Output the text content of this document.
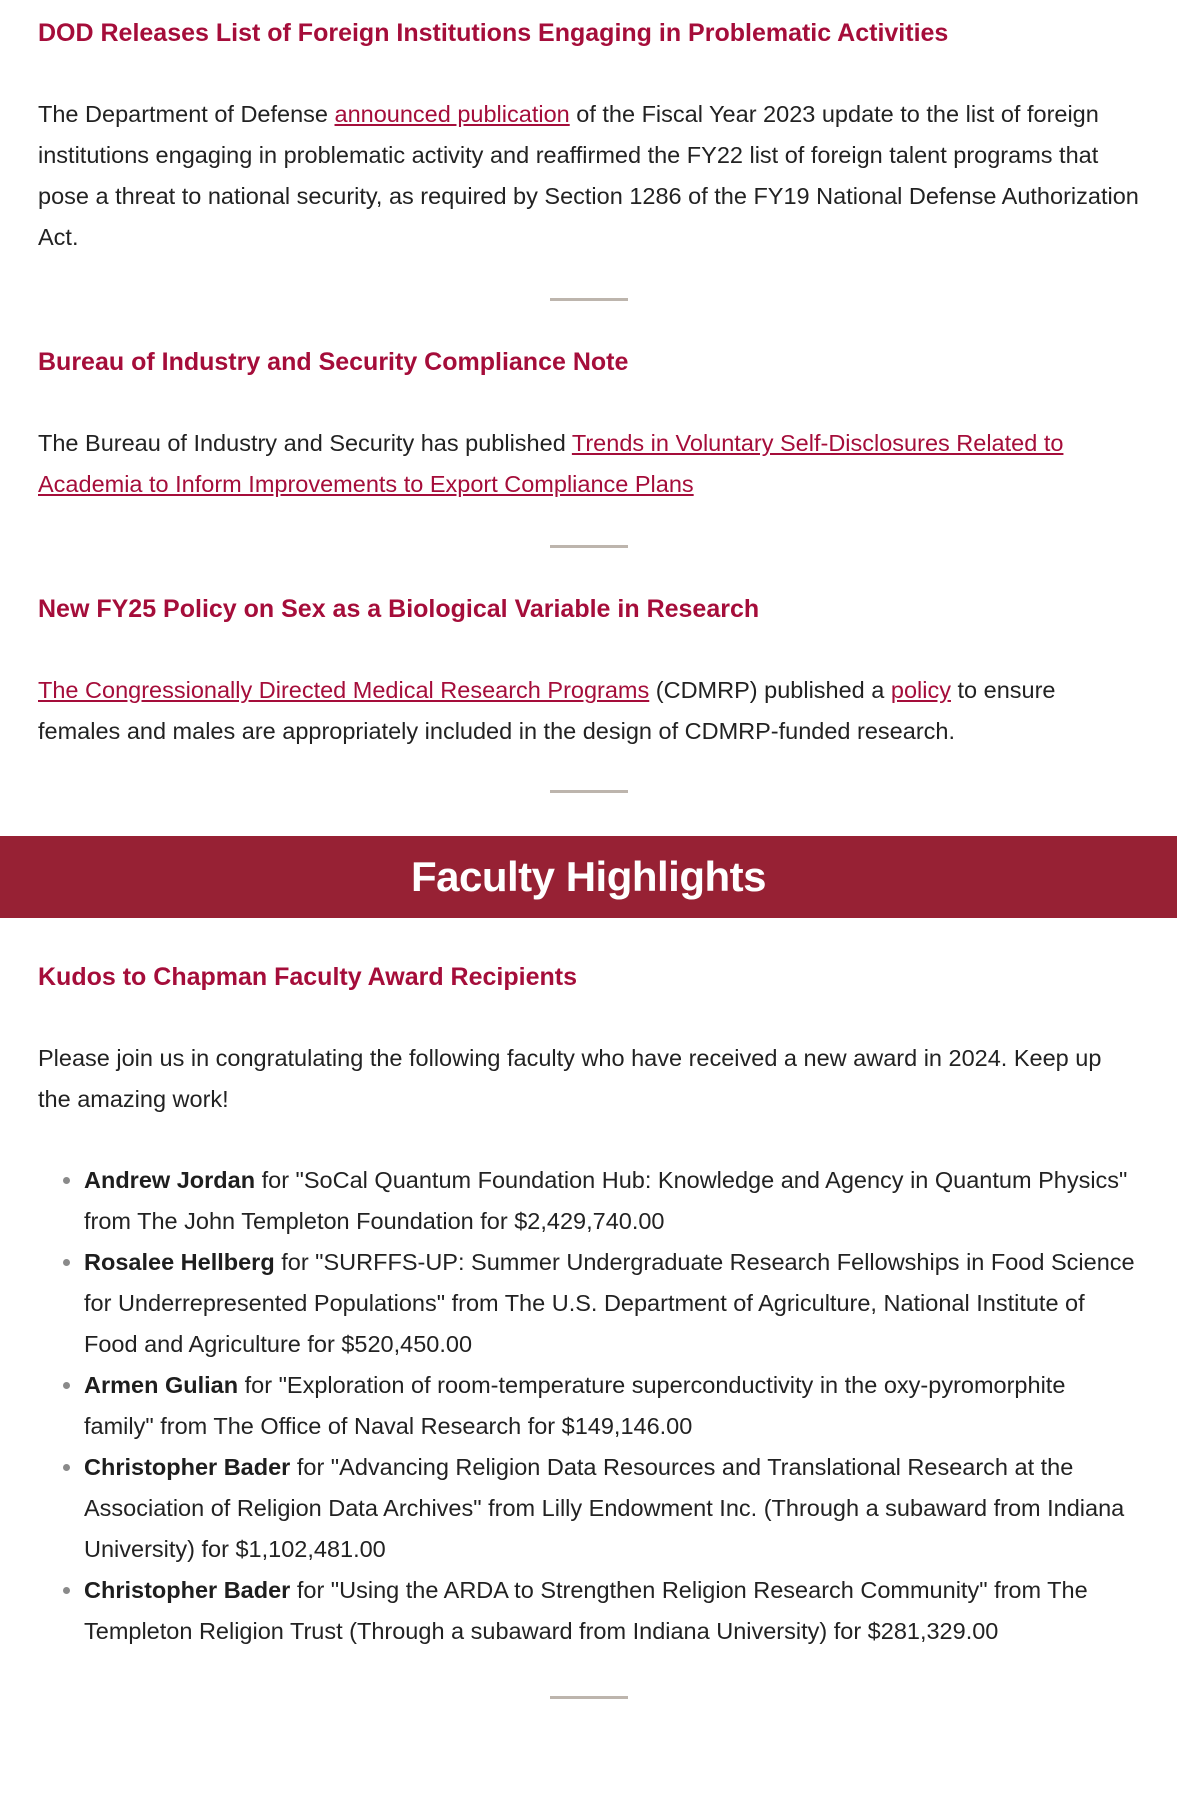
DOD Releases List of Foreign Institutions Engaging in Problematic Activities

The Department of Defense announced publication of the Fiscal Year 2023 update to the list of foreign institutions engaging in problematic activity and reaffirmed the FY22 list of foreign talent programs that pose a threat to national security, as required by Section 1286 of the FY19 National Defense Authorization Act.

Bureau of Industry and Security Compliance Note

The Bureau of Industry and Security has published Trends in Voluntary Self-Disclosures Related to Academia to Inform Improvements to Export Compliance Plans

New FY25 Policy on Sex as a Biological Variable in Research

The Congressionally Directed Medical Research Programs (CDMRP) published a policy to ensure females and males are appropriately included in the design of CDMRP-funded research.

Faculty Highlights
Kudos to Chapman Faculty Award Recipients

Please join us in congratulating the following faculty who have received a new award in 2024. Keep up the amazing work!

• Andrew Jordan for "SoCal Quantum Foundation Hub: Knowledge and Agency in Quantum Physics" from The John Templeton Foundation for $2,429,740.00
• Rosalee Hellberg for "SURFFS-UP: Summer Undergraduate Research Fellowships in Food Science for Underrepresented Populations" from The U.S. Department of Agriculture, National Institute of Food and Agriculture for $520,450.00
• Armen Gulian for "Exploration of room-temperature superconductivity in the oxy-pyromorphite family" from The Office of Naval Research for $149,146.00
• Christopher Bader for "Advancing Religion Data Resources and Translational Research at the Association of Religion Data Archives" from Lilly Endowment Inc. (Through a subaward from Indiana University) for $1,102,481.00
• Christopher Bader for "Using the ARDA to Strengthen Religion Research Community" from The Templeton Religion Trust (Through a subaward from Indiana University) for $281,329.00
